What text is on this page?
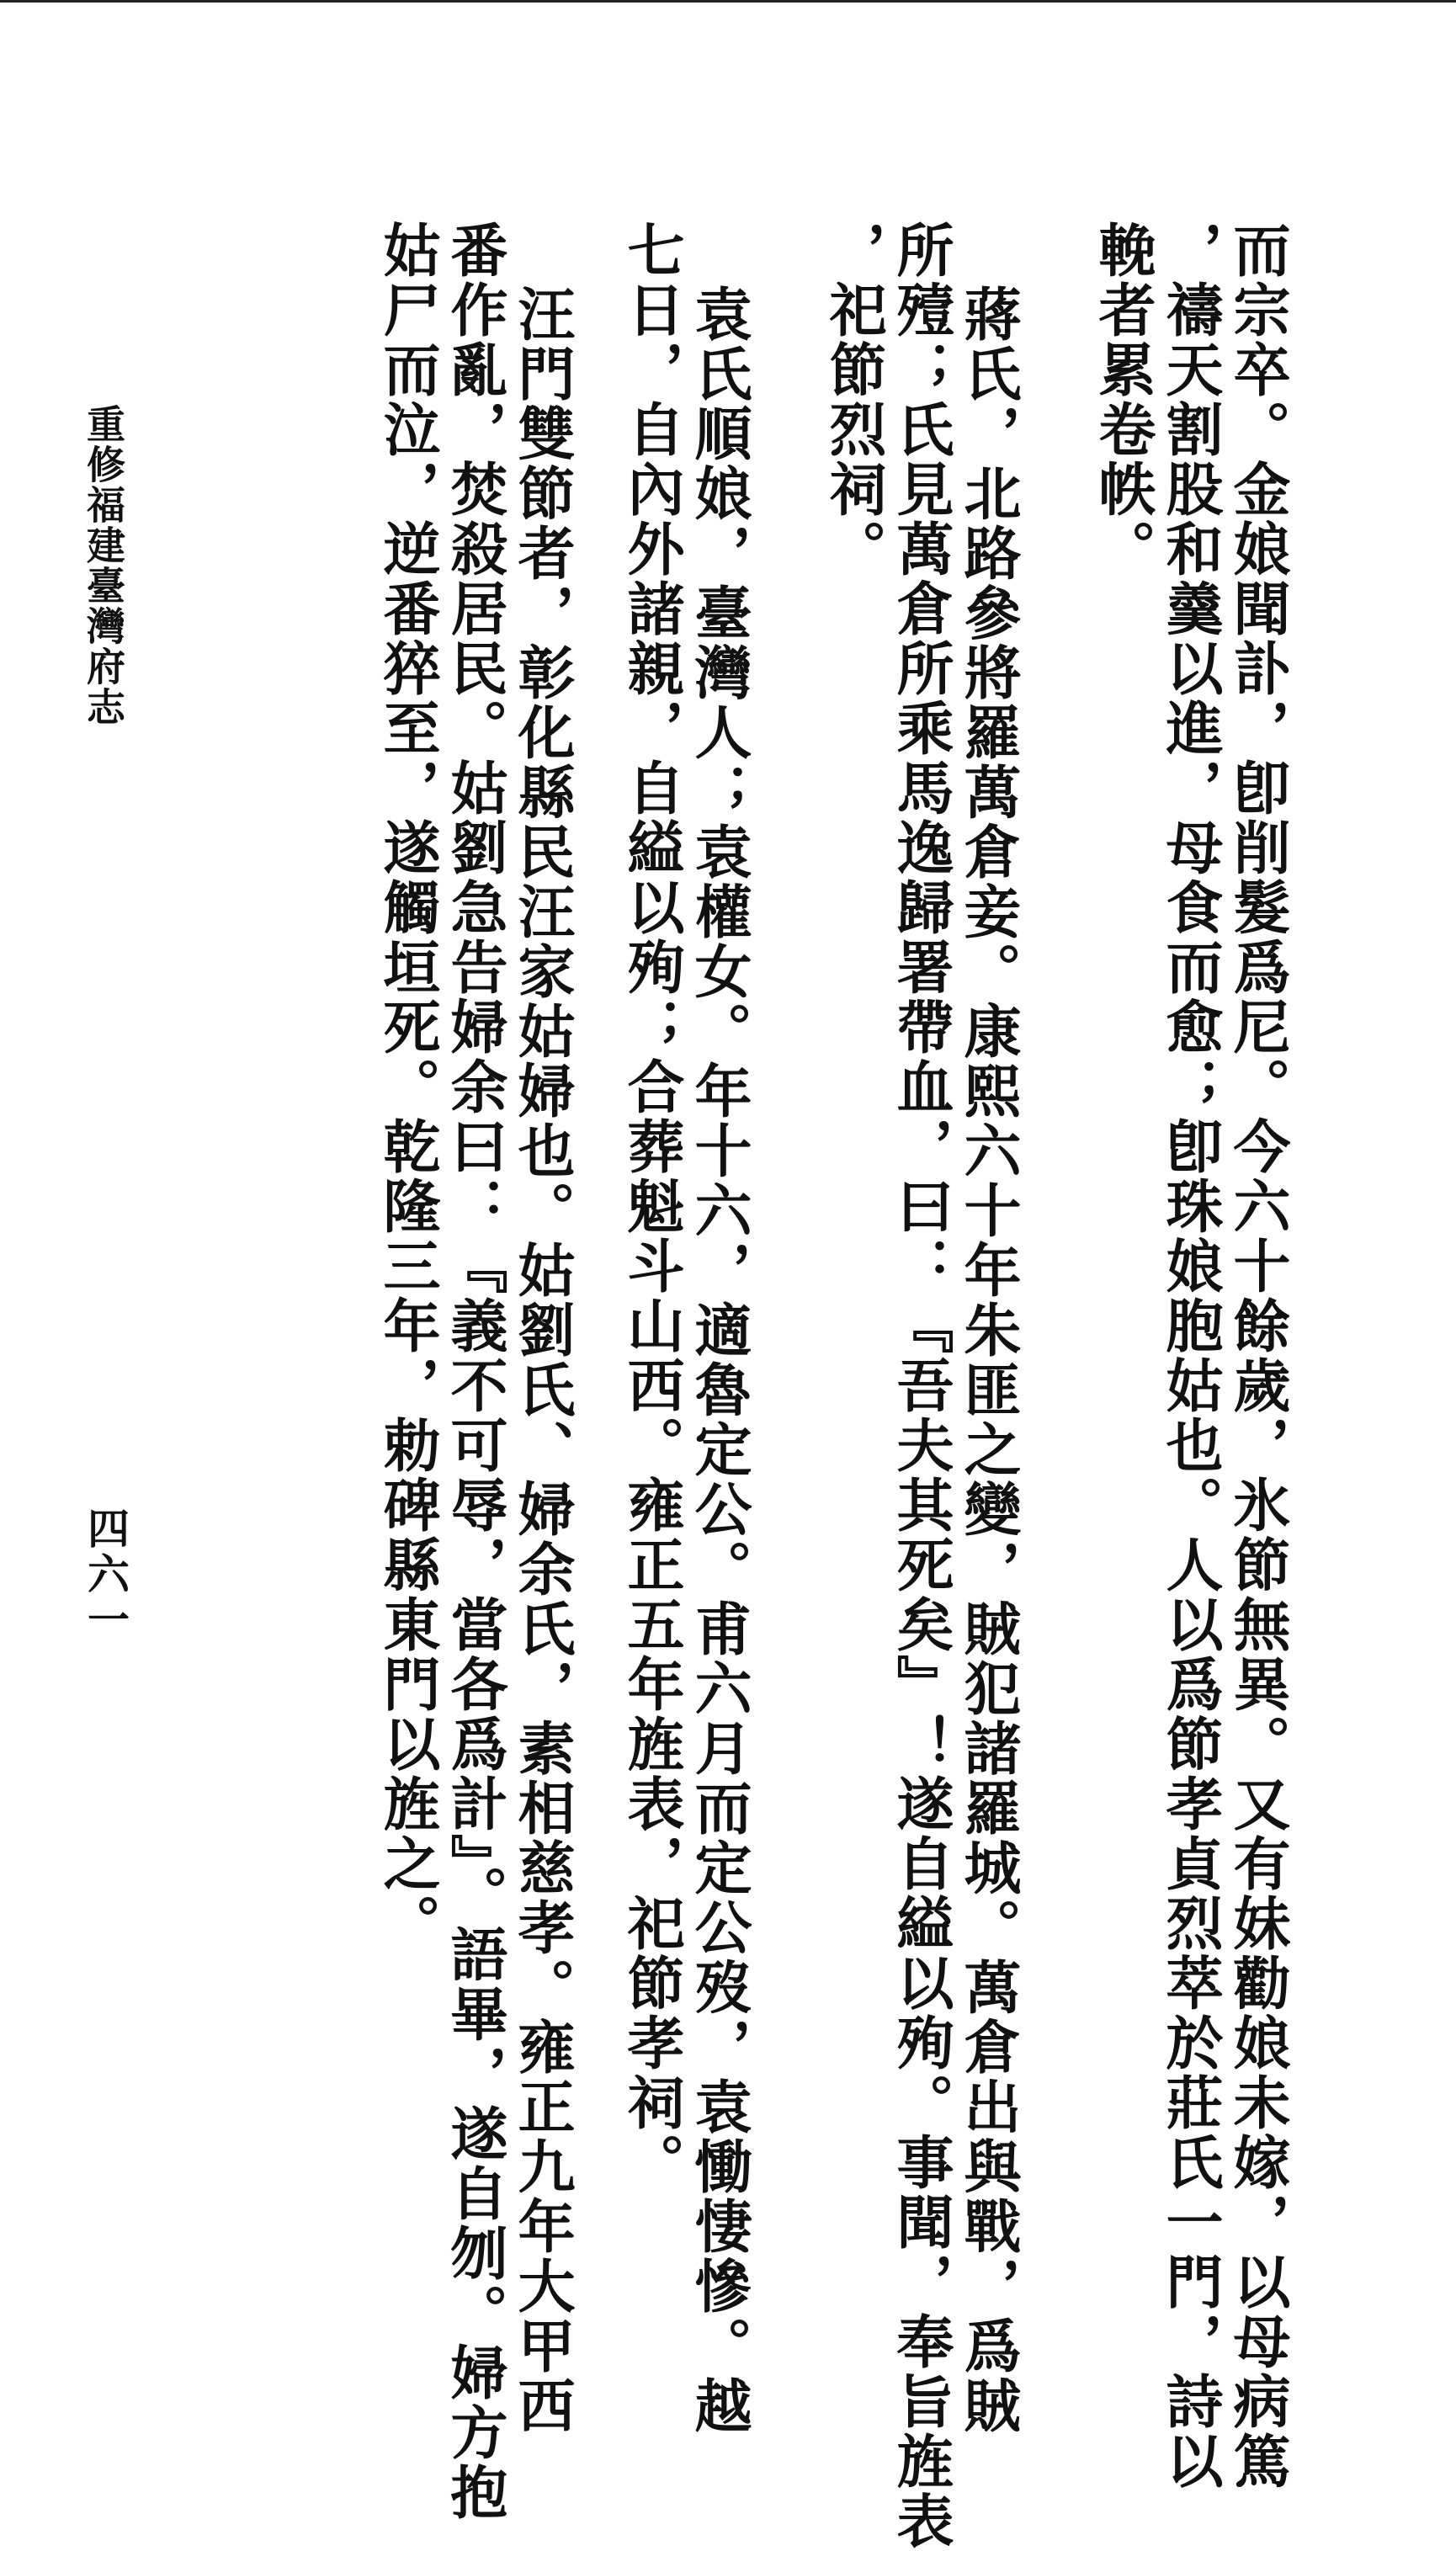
而宗卒。金娘聞訃，卽削髮爲尼。今六十餘歲，氷節無異。又有妹勸娘未嫁，以母病篤
，禱天割股和羹以進，母食而愈；卽珠娘胞姑也。人以爲節孝貞烈萃於莊氏一門，詩以
輓者累卷帙。
蔣氏，北路參將羅萬倉妾。康熙六十年朱匪之變，賊犯諸羅城。萬倉出與戰，爲賊
所殪；氏見萬倉所乘馬逸歸署帶血，曰：『吾夫其死矣』！遂自縊以殉。事聞，奉旨旌表
，祀節烈祠。
袁氏順娘，臺灣人；袁權女。年十六，適魯定公。甫六月而定公歿，袁慟悽慘。越
七日，自內外諸親，自縊以殉；合葬魁斗山西。雍正五年旌表，祀節孝祠。
汪門雙節者，彰化縣民汪家姑婦也。姑劉氏、婦余氏，素相慈孝。雍正九年大甲西
番作亂，焚殺居民。姑劉急告婦余曰：『義不可辱，當各爲計』。語畢，遂自刎。婦方抱
姑尸而泣，逆番猝至，遂觸垣死。乾隆三年，勅碑縣東門以旌之。
重修福建臺灣府志
四六一
